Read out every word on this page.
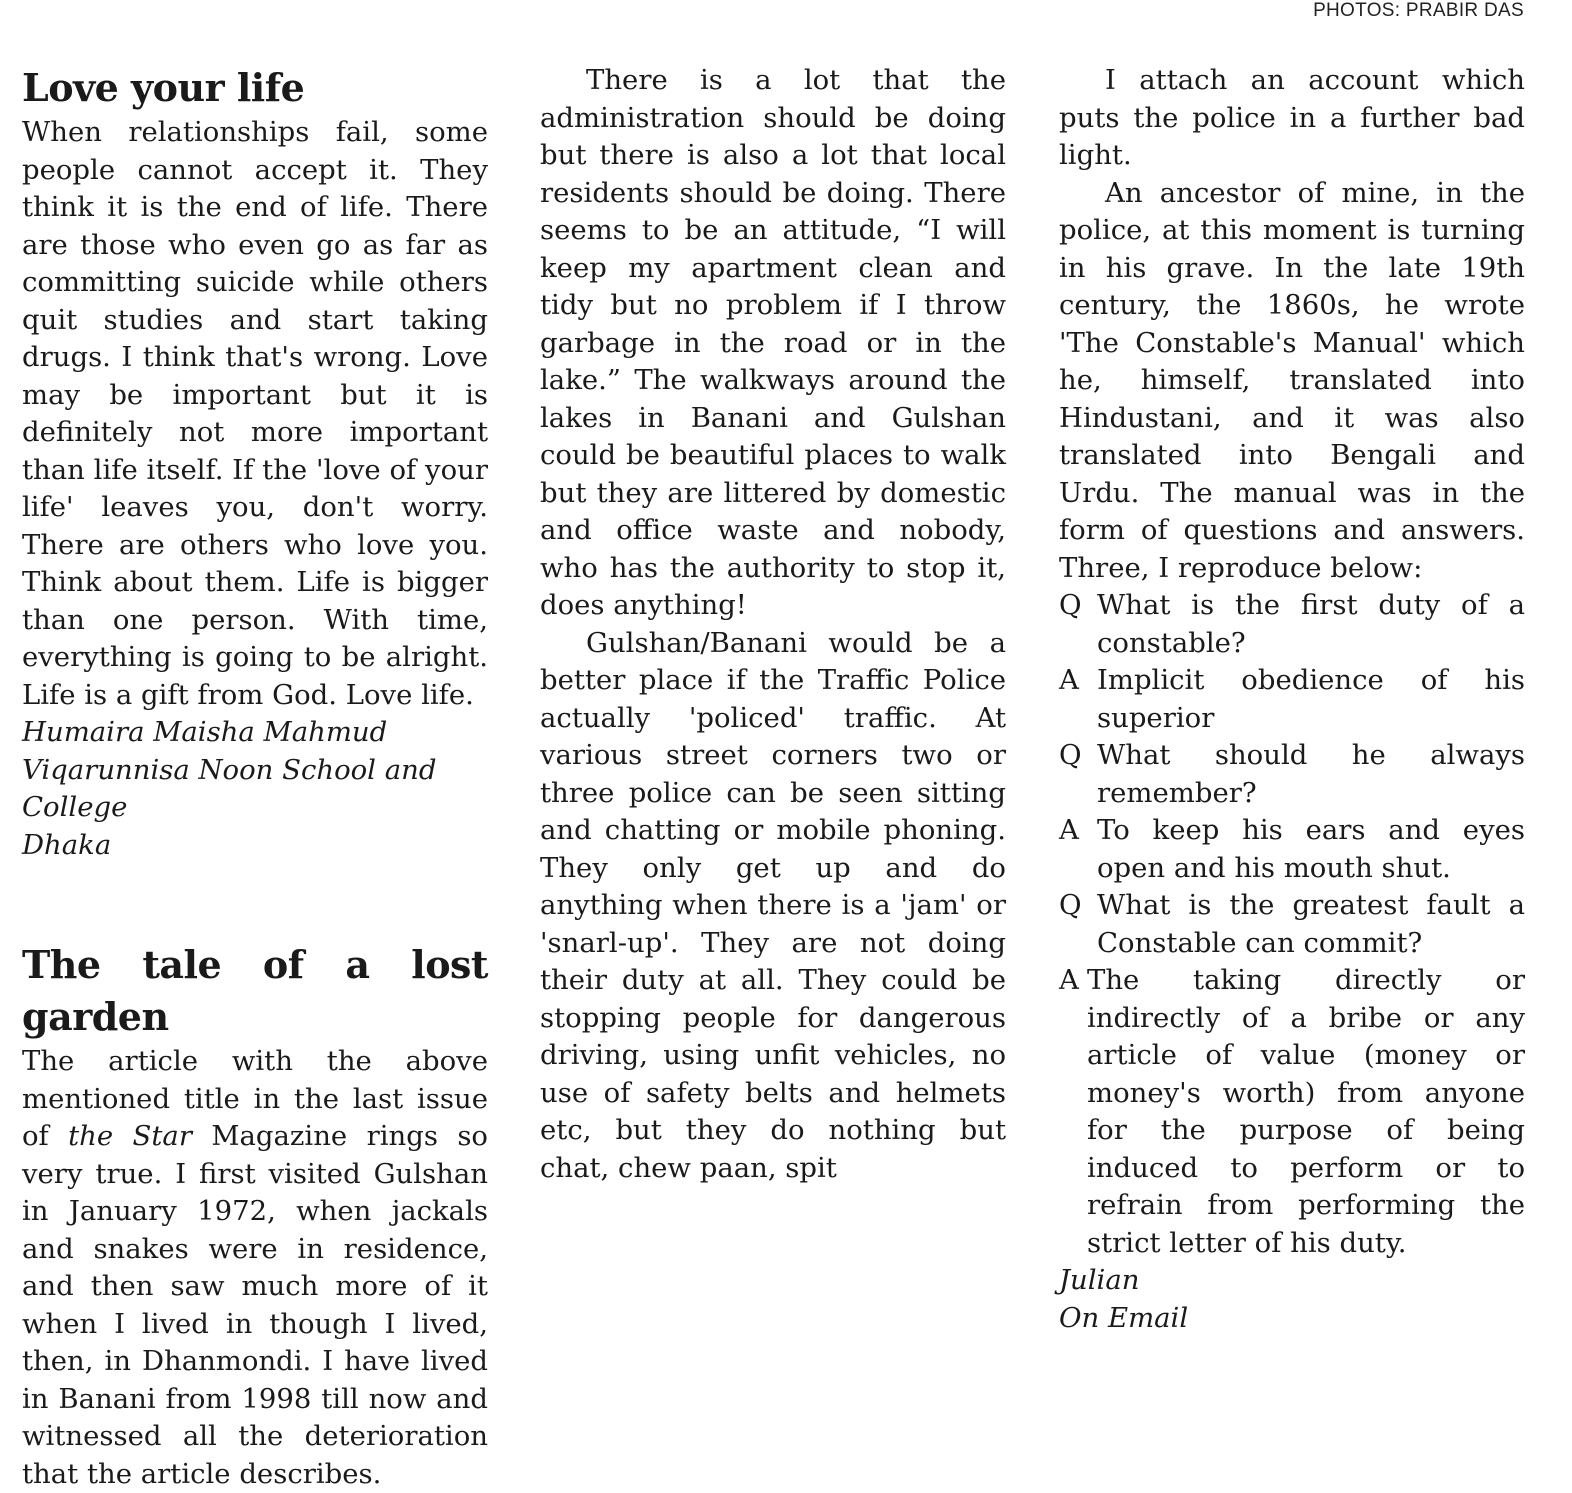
PHOTOS: PRABIR DAS
Love your life

When relationships fail, some people cannot accept it. They think it is the end of life. There are those who even go as far as committing suicide while others quit studies and start taking drugs. I think that's wrong. Love may be important but it is definitely not more important than life itself. If the 'love of your life' leaves you, don't worry. There are others who love you. Think about them. Life is bigger than one person. With time, everything is going to be alright. Life is a gift from God. Love life.

Humaira Maisha Mahmud
Viqarunnisa Noon School and College
Dhaka
The tale of a lost garden

The article with the above mentioned title in the last issue of the Star Magazine rings so very true. I first visited Gulshan in January 1972, when jackals and snakes were in residence, and then saw much more of it when I lived in though I lived, then, in Dhanmondi. I have lived in Banani from 1998 till now and witnessed all the deterioration that the article describes.

There is a lot that the administration should be doing but there is also a lot that local residents should be doing. There seems to be an attitude, “I will keep my apartment clean and tidy but no problem if I throw garbage in the road or in the lake.” The walkways around the lakes in Banani and Gulshan could be beautiful places to walk but they are littered by domestic and office waste and nobody, who has the authority to stop it, does anything!

Gulshan/Banani would be a better place if the Traffic Police actually 'policed' traffic. At various street corners two or three police can be seen sitting and chatting or mobile phoning. They only get up and do anything when there is a 'jam' or 'snarl-up'. They are not doing their duty at all. They could be stopping people for dangerous driving, using unfit vehicles, no use of safety belts and helmets etc, but they do nothing but chat, chew paan, spit

I attach an account which puts the police in a further bad light.

An ancestor of mine, in the police, at this moment is turning in his grave. In the late 19th century, the 1860s, he wrote 'The Constable's Manual' which he, himself, translated into Hindustani, and it was also translated into Bengali and Urdu. The manual was in the form of questions and answers. Three, I reproduce below:

Q What is the first duty of a constable?
A Implicit obedience of his superior
Q What should he always remember?
A To keep his ears and eyes open and his mouth shut.
Q What is the greatest fault a Constable can commit?
A The taking directly or indirectly of a bribe or any article of value (money or money's worth) from anyone for the purpose of being induced to perform or to refrain from performing the strict letter of his duty.
Julian
On Email
